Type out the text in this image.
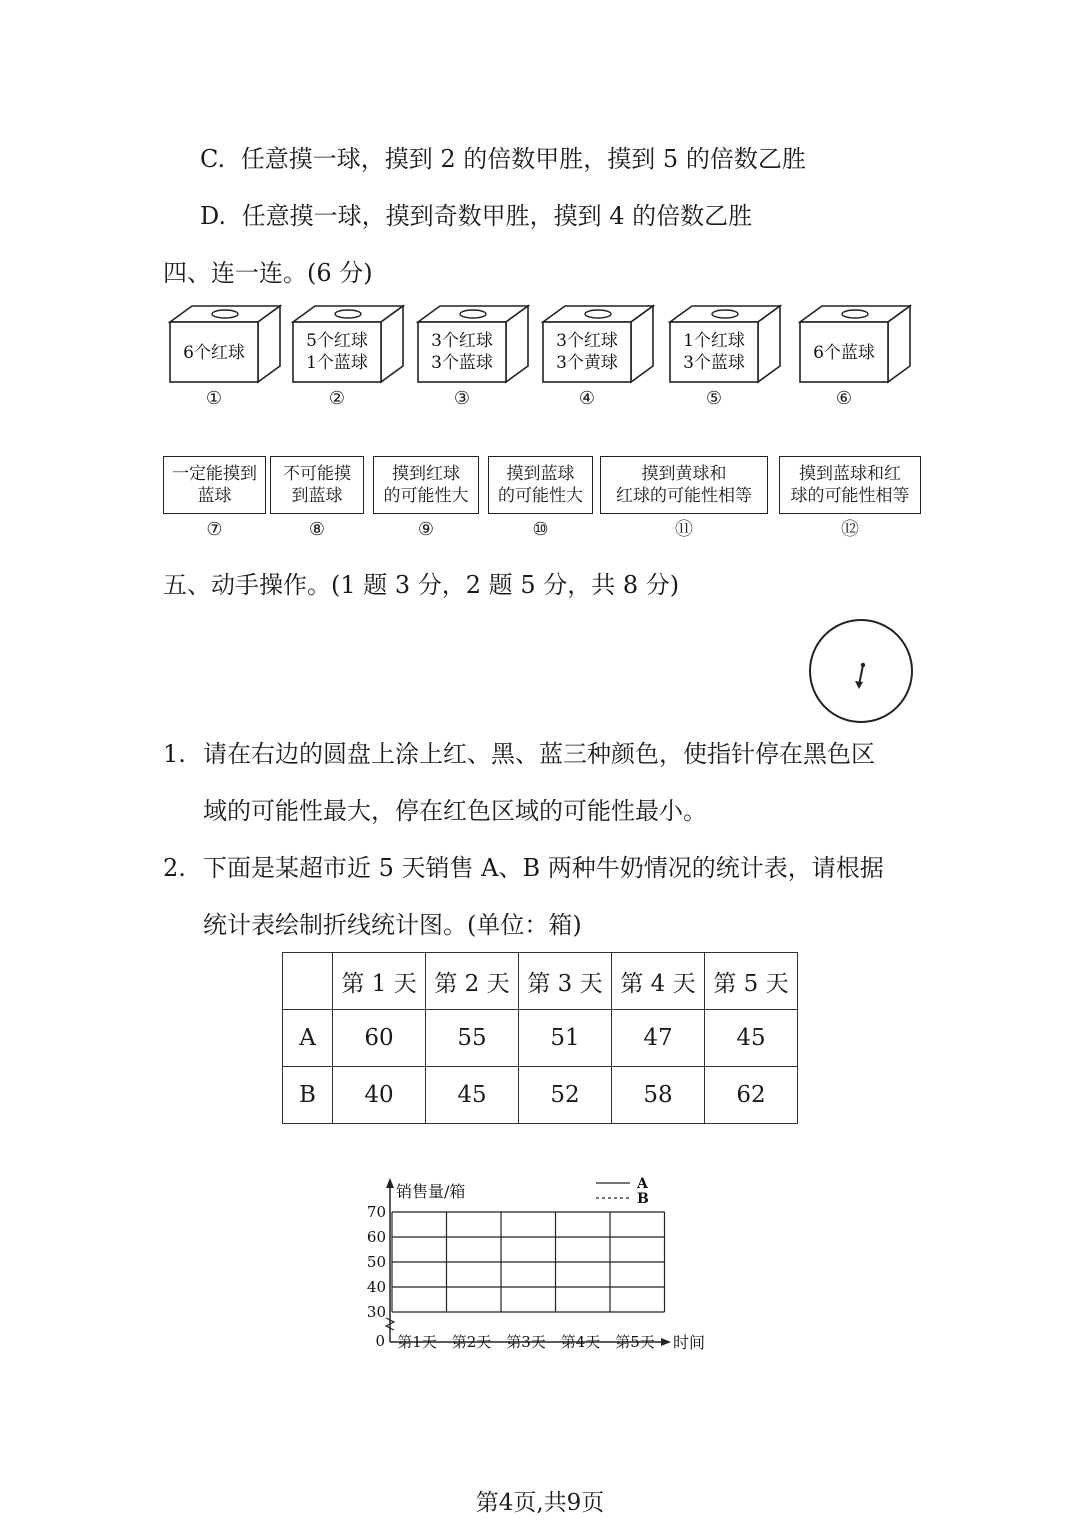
C. 任意摸一球，摸到 2 的倍数甲胜，摸到 5 的倍数乙胜
D. 任意摸一球，摸到奇数甲胜，摸到 4 的倍数乙胜
四、连一连。(6 分)
6个红球
5个红球
1个蓝球
3个红球
3个蓝球
3个红球
3个黄球
1个红球
3个蓝球	6个蓝球
①	②	③	④	⑤	⑥
一定能摸到
蓝球
⑦
不可能摸
到蓝球
⑧
摸到红球
的可能性大
⑨
摸到蓝球
的可能性大
⑩
摸到黄球和
红球的可能性相等
⑪
摸到蓝球和红
球的可能性相等
⑫
五、动手操作。(1 题 3 分，2 题 5 分，共 8 分)
1. 请在右边的圆盘上涂上红、黑、蓝三种颜色，使指针停在黑色区
域的可能性最大，停在红色区域的可能性最小。
2. 下面是某超市近 5 天销售 A、B 两种牛奶情况的统计表，请根据
统计表绘制折线统计图。(单位：箱)
	第 1 天	第 2 天	第 3 天	第 4 天	第 5 天
A	60	55	51	47	45
B	40	45	52	58	62
0
30
40
50
60
70
第1天 第2天 第3天 第4天 第5天
销售量/箱
时间
A
B
第4页,共9页
